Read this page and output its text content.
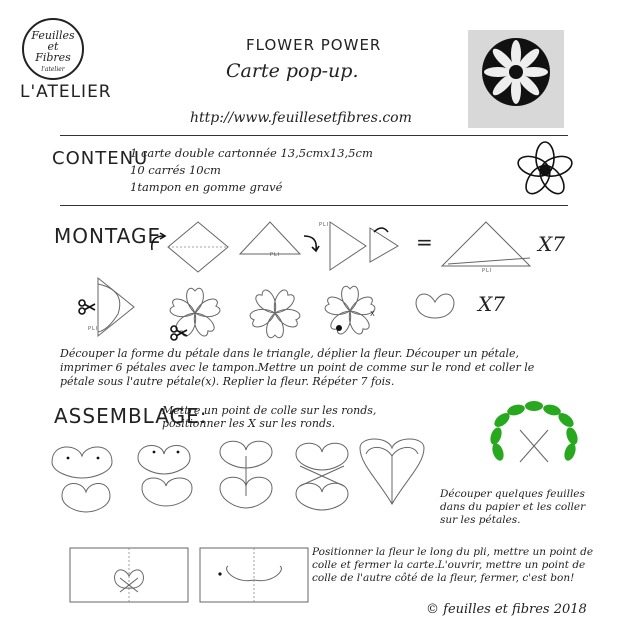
Feuilles
et
Fibres
l'atelier
L'ATELIER
FLOWER POWER
Carte pop-up.
http://www.feuillesetfibres.com
CONTENU
1 carte double cartonnée 13,5cmx13,5cm
10 carrés 10cm
1tampon en gomme gravé
MONTAGE
PLI
PLI
=
PLI
X7
PLI
X	X7
Découper la forme du pétale dans le triangle, déplier la fleur. Découper un pétale, imprimer 6 pétales avec le tampon.Mettre un point de comme sur le rond et coller le pétale sous l'autre pétale(x). Replier la fleur. Répéter 7 fois.
ASSEMBLAGE:
Mettre un point de colle sur les ronds, positionner les X sur les ronds.
Découper quelques feuilles dans du papier et les coller sur les pétales.
Positionner la fleur le long du pli, mettre un point de colle et fermer la carte.L'ouvrir, mettre un point de colle de l'autre côté de la fleur, fermer, c'est bon!
© feuilles et fibres 2018
